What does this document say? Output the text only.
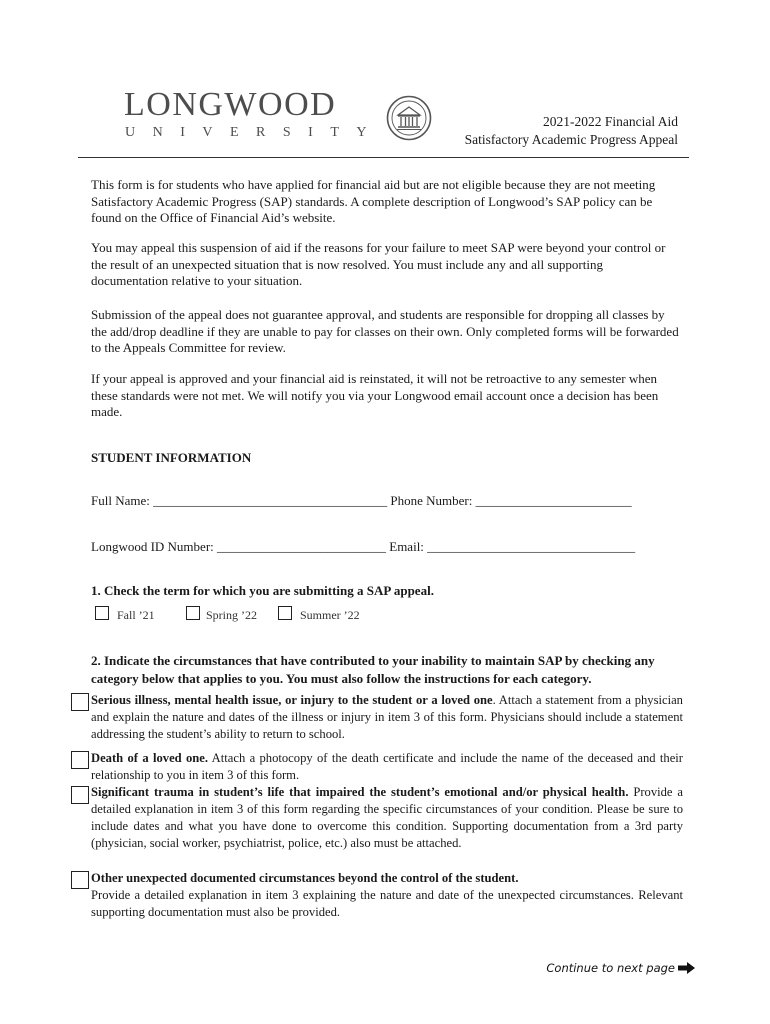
LONGWOOD
UNIVERSITY
2021-2022 Financial Aid
Satisfactory Academic Progress Appeal

This form is for students who have applied for financial aid but are not eligible because they are not meeting Satisfactory Academic Progress (SAP) standards. A complete description of Longwood’s SAP policy can be found on the Office of Financial Aid’s website.

You may appeal this suspension of aid if the reasons for your failure to meet SAP were beyond your control or the result of an unexpected situation that is now resolved. You must include any and all supporting documentation relative to your situation.

Submission of the appeal does not guarantee approval, and students are responsible for dropping all classes by the add/drop deadline if they are unable to pay for classes on their own. Only completed forms will be forwarded to the Appeals Committee for review.

If your appeal is approved and your financial aid is reinstated, it will not be retroactive to any semester when these standards were not met. We will notify you via your Longwood email account once a decision has been made.

STUDENT INFORMATION
Full Name: ____________________________________ Phone Number: ________________________
Longwood ID Number: __________________________ Email: ________________________________
1. Check the term for which you are submitting a SAP appeal.
Fall ’21	Spring ’22	Summer ’22
2. Indicate the circumstances that have contributed to your inability to maintain SAP by checking any category below that applies to you. You must also follow the instructions for each category.

Serious illness, mental health issue, or injury to the student or a loved one. Attach a statement from a physician and explain the nature and dates of the illness or injury in item 3 of this form. Physicians should include a statement addressing the student’s ability to return to school.

Death of a loved one. Attach a photocopy of the death certificate and include the name of the deceased and their relationship to you in item 3 of this form.

Significant trauma in student’s life that impaired the student’s emotional and/or physical health. Provide a detailed explanation in item 3 of this form regarding the specific circumstances of your condition. Please be sure to include dates and what you have done to overcome this condition. Supporting documentation from a 3rd party (physician, social worker, psychiatrist, police, etc.) also must be attached.

Other unexpected documented circumstances beyond the control of the student.
Provide a detailed explanation in item 3 explaining the nature and date of the unexpected circumstances. Relevant supporting documentation must also be provided.

Continue to next page
